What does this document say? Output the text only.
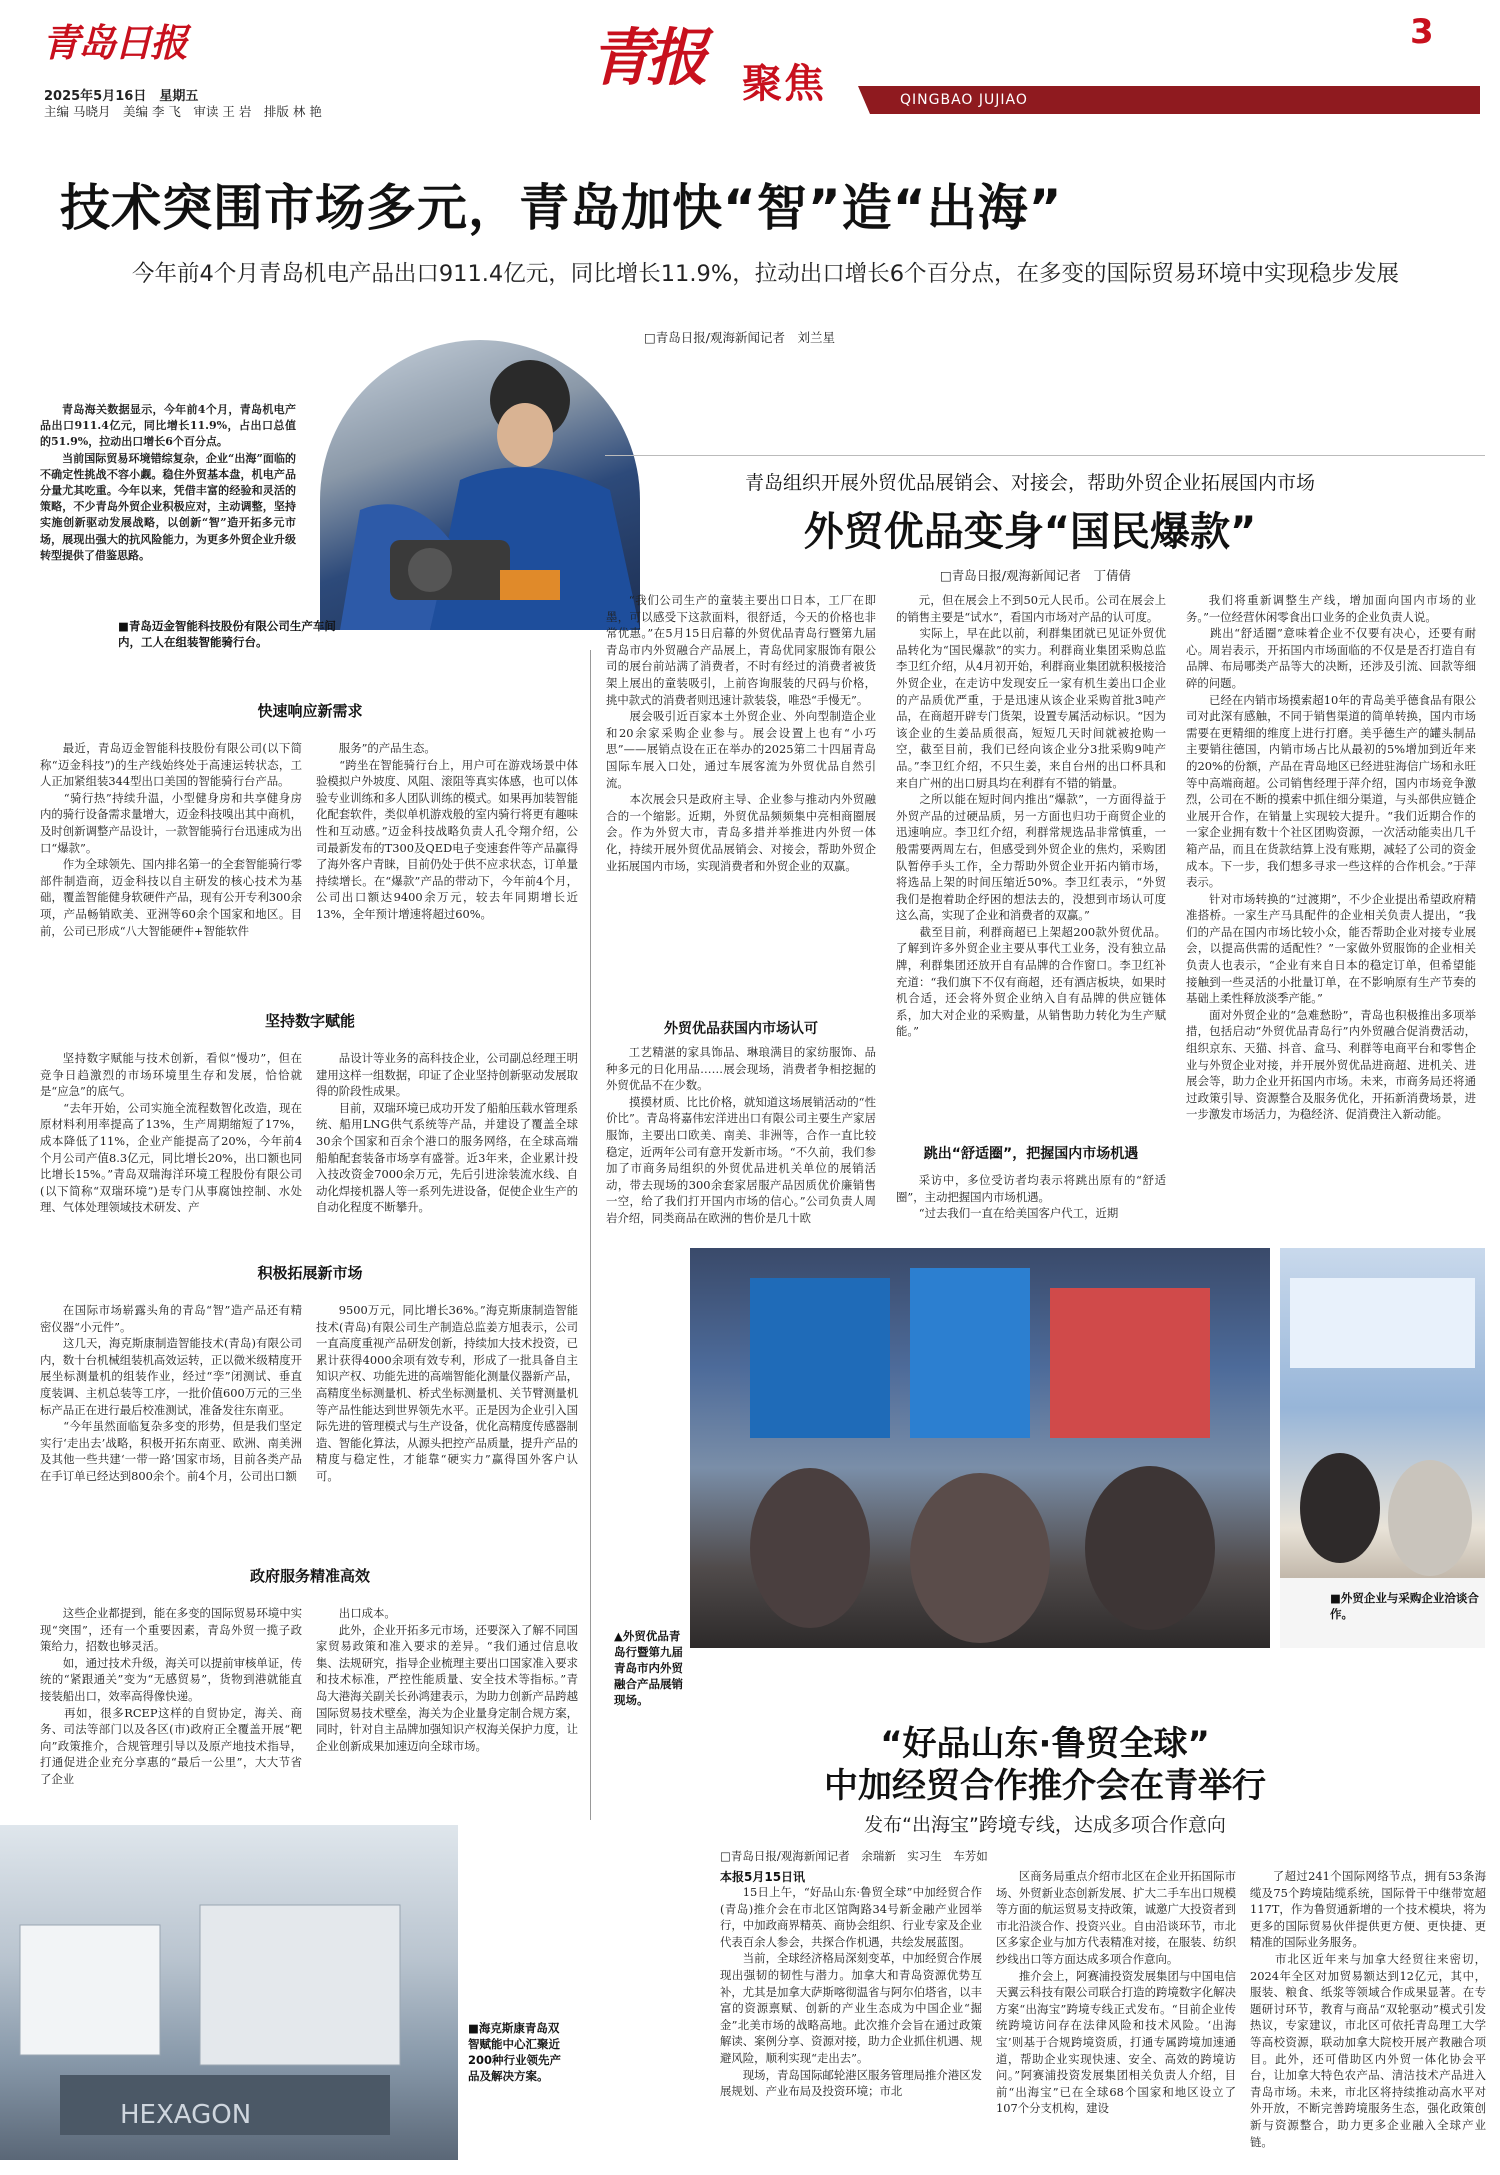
青岛日报
2025年5月16日　星期五
主编 马晓月　美编 李 飞　审读 王 岩　排版 林 艳
青报 聚焦	QINGBAO JUJIAO
3
技术突围市场多元，青岛加快“智”造“出海”
今年前4个月青岛机电产品出口911.4亿元，同比增长11.9%，拉动出口增长6个百分点，在多变的国际贸易环境中实现稳步发展
□青岛日报/观海新闻记者　刘兰星
青岛海关数据显示，今年前4个月，青岛机电产品出口911.4亿元，同比增长11.9%，占出口总值的51.9%，拉动出口增长6个百分点。
　　当前国际贸易环境错综复杂，企业“出海”面临的不确定性挑战不容小觑。稳住外贸基本盘，机电产品分量尤其吃重。今年以来，凭借丰富的经验和灵活的策略，不少青岛外贸企业积极应对，主动调整，坚持实施创新驱动发展战略，以创新“智”造开拓多元市场，展现出强大的抗风险能力，为更多外贸企业升级转型提供了借鉴思路。
■青岛迈金智能科技股份有限公司生产车间内，工人在组装智能骑行台。
快速响应新需求
最近，青岛迈金智能科技股份有限公司(以下简称“迈金科技”)的生产线始终处于高速运转状态，工人正加紧组装344型出口美国的智能骑行台产品。
　　“骑行热”持续升温，小型健身房和共享健身房内的骑行设备需求量增大，迈金科技嗅出其中商机，及时创新调整产品设计，一款智能骑行台迅速成为出口“爆款”。
　　作为全球领先、国内排名第一的全套智能骑行零部件制造商，迈金科技以自主研发的核心技术为基础，覆盖智能健身软硬件产品，现有公开专利300余项，产品畅销欧美、亚洲等60余个国家和地区。目前，公司已形成“八大智能硬件+智能软件
服务”的产品生态。
　　“跨坐在智能骑行台上，用户可在游戏场景中体验模拟户外坡度、风阻、滚阻等真实体感，也可以体验专业训练和多人团队训练的模式。如果再加装智能化配套软件，类似单机游戏般的室内骑行将更有趣味性和互动感。”迈金科技战略负责人孔令翔介绍，公司最新发布的T300及QED电子变速套件等产品赢得了海外客户青睐，目前仍处于供不应求状态，订单量持续增长。在“爆款”产品的带动下，今年前4个月，公司出口额达9400余万元，较去年同期增长近13%，全年预计增速将超过60%。
坚持数字赋能
坚持数字赋能与技术创新，看似“慢功”，但在竞争日趋激烈的市场环境里生存和发展，恰恰就是“应急”的底气。
　　“去年开始，公司实施全流程数智化改造，现在原材料利用率提高了13%，生产周期缩短了17%，成本降低了11%，企业产能提高了20%，今年前4个月公司产值8.3亿元，同比增长20%，出口额也同比增长15%。”青岛双瑞海洋环境工程股份有限公司(以下简称“双瑞环境”)是专门从事腐蚀控制、水处理、气体处理领域技术研发、产
品设计等业务的高科技企业，公司副总经理王明建用这样一组数据，印证了企业坚持创新驱动发展取得的阶段性成果。
　　目前，双瑞环境已成功开发了船舶压载水管理系统、船用LNG供气系统等产品，并建设了覆盖全球30余个国家和百余个港口的服务网络，在全球高端船舶配套装备市场享有盛誉。近3年来，企业累计投入技改资金7000余万元，先后引进涂装流水线、自动化焊接机器人等一系列先进设备，促使企业生产的自动化程度不断攀升。
积极拓展新市场
在国际市场崭露头角的青岛“智”造产品还有精密仪器“小元件”。
　　这几天，海克斯康制造智能技术(青岛)有限公司内，数十台机械组装机高效运转，正以微米级精度开展坐标测量机的组装作业，经过“孪”闭测试、垂直度装调、主机总装等工序，一批价值600万元的三坐标产品正在进行最后校准测试，准备发往东南亚。
　　“今年虽然面临复杂多变的形势，但是我们坚定实行‘走出去’战略，积极开拓东南亚、欧洲、南美洲及其他一些共建‘一带一路’国家市场，目前各类产品在手订单已经达到800余个。前4个月，公司出口额
9500万元，同比增长36%。”海克斯康制造智能技术(青岛)有限公司生产制造总监姜方旭表示，公司一直高度重视产品研发创新，持续加大技术投资，已累计获得4000余项有效专利，形成了一批具备自主知识产权、功能先进的高端智能化测量仪器新产品，高精度坐标测量机、桥式坐标测量机、关节臂测量机等产品性能达到世界领先水平。正是因为企业引入国际先进的管理模式与生产设备，优化高精度传感器制造、智能化算法，从源头把控产品质量，提升产品的精度与稳定性，才能靠“硬实力”赢得国外客户认可。
政府服务精准高效
这些企业都提到，能在多变的国际贸易环境中实现“突围”，还有一个重要因素，青岛外贸一揽子政策给力，招数也够灵活。
　　如，通过技术升级，海关可以提前审核单证，传统的“紧跟通关”变为“无感贸易”，货物到港就能直接装船出口，效率高得像快递。
　　再如，很多RCEP这样的自贸协定，海关、商务、司法等部门以及各区(市)政府正全覆盖开展“靶向”政策推介，合规管理引导以及原产地技术指导，打通促进企业充分享惠的“最后一公里”，大大节省了企业
出口成本。
　　此外，企业开拓多元市场，还要深入了解不同国家贸易政策和准入要求的差异。“我们通过信息收集、法规研究，指导企业梳理主要出口国家准入要求和技术标准，严控性能质量、安全技术等指标。”青岛大港海关副关长孙鸿建表示，为助力创新产品跨越国际贸易技术壁垒，海关为企业量身定制合规方案，同时，针对自主品牌加强知识产权海关保护力度，让企业创新成果加速迈向全球市场。
HEXAGON
■海克斯康青岛双智赋能中心汇聚近200种行业领先产品及解决方案。
青岛组织开展外贸优品展销会、对接会，帮助外贸企业拓展国内市场
外贸优品变身“国民爆款”
□青岛日报/观海新闻记者　丁倩倩
“我们公司生产的童装主要出口日本，工厂在即墨，可以感受下这款面料，很舒适，今天的价格也非常优惠。”在5月15日启幕的外贸优品青岛行暨第九届青岛市内外贸融合产品展上，青岛优同家服饰有限公司的展台前站满了消费者，不时有经过的消费者被货架上展出的童装吸引，上前咨询服装的尺码与价格，挑中款式的消费者则迅速计款装袋，唯恐“手慢无”。
　　展会吸引近百家本土外贸企业、外向型制造企业和20余家采购企业参与。展会设置上也有“小巧思”——展销点设在正在举办的2025第二十四届青岛国际车展入口处，通过车展客流为外贸优品自然引流。
　　本次展会只是政府主导、企业参与推动内外贸融合的一个缩影。近期，外贸优品频频集中亮相商圈展会。作为外贸大市，青岛多措并举推进内外贸一体化，持续开展外贸优品展销会、对接会，帮助外贸企业拓展国内市场，实现消费者和外贸企业的双赢。
外贸优品获国内市场认可
工艺精湛的家具饰品、琳琅满目的家纺服饰、品种多元的日化用品……展会现场，消费者争相挖掘的外贸优品不在少数。
　　摸摸材质、比比价格，就知道这场展销活动的“性价比”。青岛将嘉伟宏洋进出口有限公司主要生产家居服饰，主要出口欧美、南美、非洲等，合作一直比较稳定，近两年公司有意开发新市场。“不久前，我们参加了市商务局组织的外贸优品进机关单位的展销活动，带去现场的300余套家居服产品因质优价廉销售一空，给了我们打开国内市场的信心。”公司负责人周岩介绍，同类商品在欧洲的售价是几十欧
元，但在展会上不到50元人民币。公司在展会上的销售主要是“试水”，看国内市场对产品的认可度。
　　实际上，早在此以前，利群集团就已见证外贸优品转化为“国民爆款”的实力。利群商业集团采购总监李卫红介绍，从4月初开始，利群商业集团就积极接洽外贸企业，在走访中发现安丘一家有机生姜出口企业的产品质优严重，于是迅速从该企业采购首批3吨产品，在商超开辟专门货架，设置专属活动标识。“因为该企业的生姜品质很高，短短几天时间就被抢购一空，截至目前，我们已经向该企业分3批采购9吨产品。”李卫红介绍，不只生姜，来自台州的出口杯具和来自广州的出口厨具均在利群有不错的销量。
　　之所以能在短时间内推出“爆款”，一方面得益于外贸产品的过硬品质，另一方面也归功于商贸企业的迅速响应。李卫红介绍，利群常规选品非常慎重，一般需要两周左右，但感受到外贸企业的焦灼，采购团队暂停手头工作，全力帮助外贸企业开拓内销市场，将选品上架的时间压缩近50%。李卫红表示，“外贸我们是抱着助企纾困的想法去的，没想到市场认可度这么高，实现了企业和消费者的双赢。”
　　截至目前，利群商超已上架超200款外贸优品。了解到许多外贸企业主要从事代工业务，没有独立品牌，利群集团还放开自有品牌的合作窗口。李卫红补充道：“我们旗下不仅有商超，还有酒店板块，如果时机合适，还会将外贸企业纳入自有品牌的供应链体系，加大对企业的采购量，从销售助力转化为生产赋能。”
跳出“舒适圈”，把握国内市场机遇
采访中，多位受访者均表示将跳出原有的“舒适圈”，主动把握国内市场机遇。
　　“过去我们一直在给美国客户代工，近期
我们将重新调整生产线，增加面向国内市场的业务。”一位经营休闲零食出口业务的企业负责人说。
　　跳出“舒适圈”意味着企业不仅要有决心，还要有耐心。周岩表示，开拓国内市场面临的不仅是是否打造自有品牌、布局哪类产品等大的决断，还涉及引流、回款等细碎的问题。
　　已经在内销市场摸索超10年的青岛美乎德食品有限公司对此深有感触，不同于销售渠道的简单转换，国内市场需要在更精细的维度上进行打磨。美乎德生产的罐头制品主要销往德国，内销市场占比从最初的5%增加到近年来的20%的份额，产品在青岛地区已经进驻海信广场和永旺等中高端商超。公司销售经理于萍介绍，国内市场竞争激烈，公司在不断的摸索中抓住细分渠道，与头部供应链企业展开合作，在销量上实现较大提升。“我们近期合作的一家企业拥有数十个社区团购资源，一次活动能卖出几千箱产品，而且在货款结算上没有账期，减轻了公司的资金成本。下一步，我们想多寻求一些这样的合作机会。”于萍表示。
　　针对市场转换的“过渡期”，不少企业提出希望政府精准搭桥。一家生产马具配件的企业相关负责人提出，“我们的产品在国内市场比较小众，能否帮助企业对接专业展会，以提高供需的适配性？”一家做外贸服饰的企业相关负责人也表示，“企业有来自日本的稳定订单，但希望能接触到一些灵活的小批量订单，在不影响原有生产节奏的基础上柔性释放淡季产能。”
　　面对外贸企业的“急难愁盼”，青岛也积极推出多项举措，包括启动“外贸优品青岛行”内外贸融合促消费活动，组织京东、天猫、抖音、盒马、利群等电商平台和零售企业与外贸企业对接，并开展外贸优品进商超、进机关、进展会等，助力企业开拓国内市场。未来，市商务局还将通过政策引导、资源整合及服务优化，开拓新消费场景，进一步激发市场活力，为稳经济、促消费注入新动能。
■外贸企业与采购企业洽谈合作。
▲外贸优品青岛行暨第九届青岛市内外贸融合产品展销现场。
“好品山东·鲁贸全球”
中加经贸合作推介会在青举行
发布“出海宝”跨境专线，达成多项合作意向
□青岛日报/观海新闻记者　余瑞新　实习生　车芳如
本报5月15日讯
15日上午，“好品山东·鲁贸全球”中加经贸合作(青岛)推介会在市北区馆陶路34号新金融产业园举行，中加政商界精英、商协会组织、行业专家及企业代表百余人参会，共探合作机遇，共绘发展蓝图。
　　当前，全球经济格局深刻变革，中加经贸合作展现出强韧的韧性与潜力。加拿大和青岛资源优势互补，尤其是加拿大萨斯喀彻温省与阿尔伯塔省，以丰富的资源禀赋、创新的产业生态成为中国企业“掘金”北美市场的战略高地。此次推介会旨在通过政策解读、案例分享、资源对接，助力企业抓住机遇、规避风险，顺利实现“走出去”。
　　现场，青岛国际邮轮港区服务管理局推介港区发展规划、产业布局及投资环境；市北
区商务局重点介绍市北区在企业开拓国际市场、外贸新业态创新发展、扩大二手车出口规模等方面的航运贸易支持政策，诚邀广大投资者到市北沿淡合作、投资兴业。自由沿谈环节，市北区多家企业与加方代表精准对接，在服装、纺织纱线出口等方面达成多项合作意向。
　　推介会上，阿赛浦投资发展集团与中国电信天翼云科技有限公司联合打造的跨境数字化解决方案“出海宝”跨境专线正式发布。“目前企业传统跨境访问存在法律风险和技术风险。‘出海宝’则基于合规跨境资质，打通专属跨境加速通道，帮助企业实现快速、安全、高效的跨境访问。”阿赛浦投资发展集团相关负责人介绍，目前“出海宝”已在全球68个国家和地区设立了107个分支机构，建设
了超过241个国际网络节点，拥有53条海缆及75个跨境陆缆系统，国际骨干中继带宽超117T，作为鲁贸通新增的一个技术模块，将为更多的国际贸易伙伴提供更方便、更快捷、更精准的国际业务服务。
　　市北区近年来与加拿大经贸往来密切，2024年全区对加贸易额达到12亿元，其中，服装、粮食、纸浆等领域合作成果显著。在专题研讨环节，教育与商品“双轮驱动”模式引发热议，专家建议，市北区可依托青岛理工大学等高校资源，联动加拿大院校开展产教融合项目。此外，还可借助区内外贸一体化协会平台，让加拿大特色农产品、清洁技术产品进入青岛市场。未来，市北区将持续推动高水平对外开放，不断完善跨境服务生态，强化政策创新与资源整合，助力更多企业融入全球产业链。
